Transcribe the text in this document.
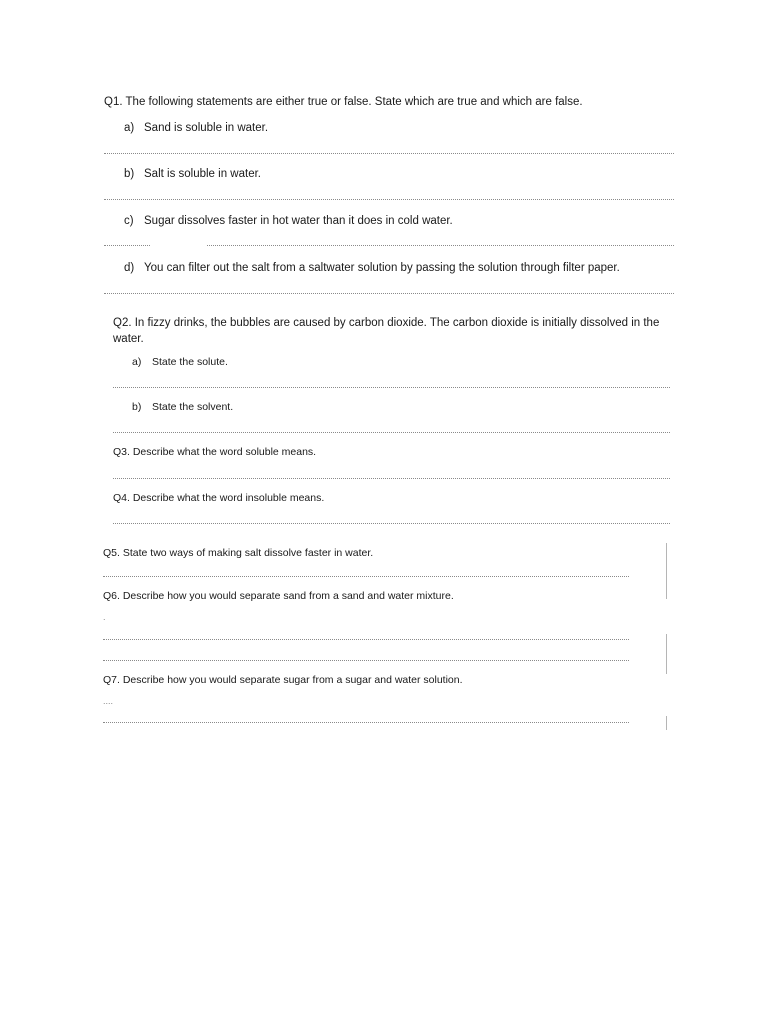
Q1. The following statements are either true or false. State which are true and which are false.
a) Sand is soluble in water.
b) Salt is soluble in water.
c) Sugar dissolves faster in hot water than it does in cold water.
d) You can filter out the salt from a saltwater solution by passing the solution through filter paper.
Q2. In fizzy drinks, the bubbles are caused by carbon dioxide. The carbon dioxide is initially dissolved in the
water.
a) State the solute.
b) State the solvent.
Q3. Describe what the word soluble means.
Q4. Describe what the word insoluble means.
Q5. State two ways of making salt dissolve faster in water.
Q6. Describe how you would separate sand from a sand and water mixture.
.
Q7. Describe how you would separate sugar from a sugar and water solution.
....
